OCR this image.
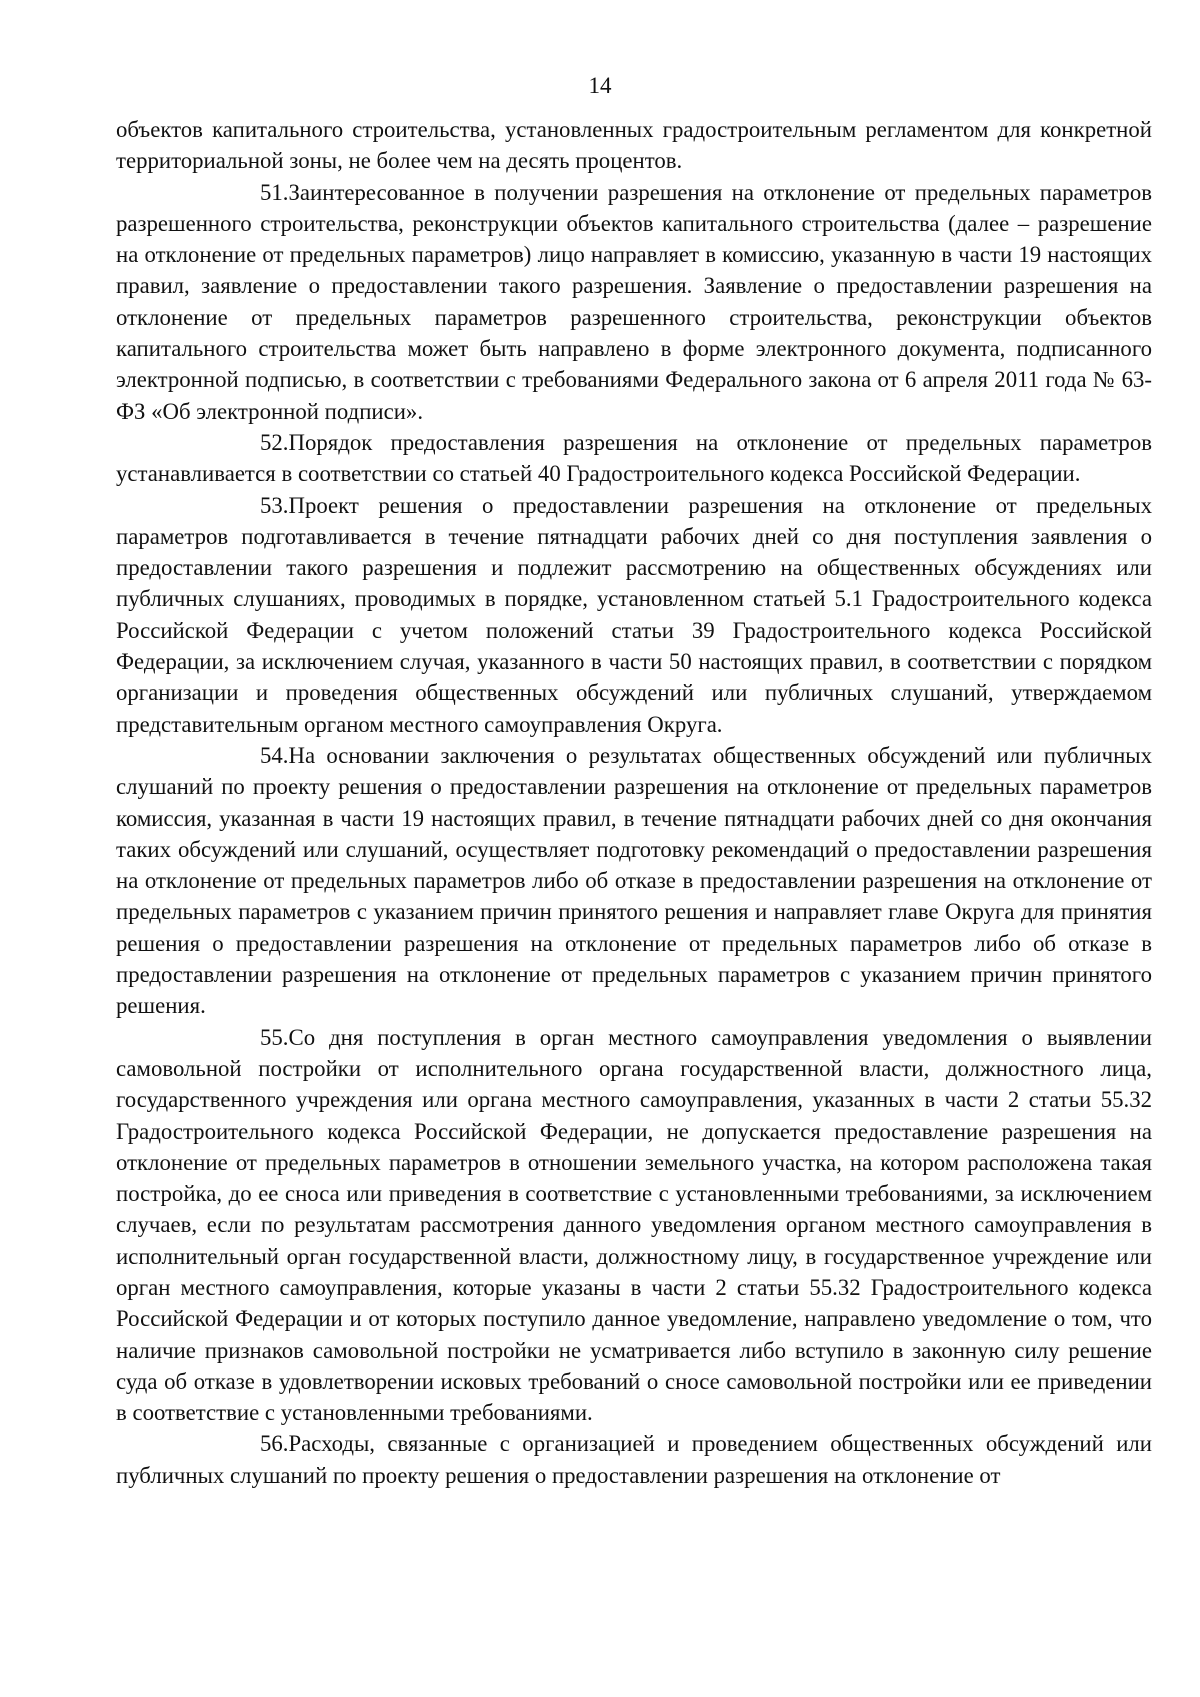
14

объектов капитального строительства, установленных градостроительным регламентом для конкретной территориальной зоны, не более чем на десять процентов.

51.Заинтересованное в получении разрешения на отклонение от предельных параметров разрешенного строительства, реконструкции объектов капитального строительства (далее – разрешение на отклонение от предельных параметров) лицо направляет в комиссию, указанную в части 19 настоящих правил, заявление о предоставлении такого разрешения. Заявление о предоставлении разрешения на отклонение от предельных параметров разрешенного строительства, реконструкции объектов капитального строительства может быть направлено в форме электронного документа, подписанного электронной подписью, в соответствии с требованиями Федерального закона от 6 апреля 2011 года № 63-ФЗ «Об электронной подписи».

52.Порядок предоставления разрешения на отклонение от предельных параметров устанавливается в соответствии со статьей 40 Градостроительного кодекса Российской Федерации.

53.Проект решения о предоставлении разрешения на отклонение от предельных параметров подготавливается в течение пятнадцати рабочих дней со дня поступления заявления о предоставлении такого разрешения и подлежит рассмотрению на общественных обсуждениях или публичных слушаниях, проводимых в порядке, установленном статьей 5.1 Градостроительного кодекса Российской Федерации с учетом положений статьи 39 Градостроительного кодекса Российской Федерации, за исключением случая, указанного в части 50 настоящих правил, в соответствии с порядком организации и проведения общественных обсуждений или публичных слушаний, утверждаемом представительным органом местного самоуправления Округа.

54.На основании заключения о результатах общественных обсуждений или публичных слушаний по проекту решения о предоставлении разрешения на отклонение от предельных параметров комиссия, указанная в части 19 настоящих правил, в течение пятнадцати рабочих дней со дня окончания таких обсуждений или слушаний, осуществляет подготовку рекомендаций о предоставлении разрешения на отклонение от предельных параметров либо об отказе в предоставлении разрешения на отклонение от предельных параметров с указанием причин принятого решения и направляет главе Округа для принятия решения о предоставлении разрешения на отклонение от предельных параметров либо об отказе в предоставлении разрешения на отклонение от предельных параметров с указанием причин принятого решения.

55.Со дня поступления в орган местного самоуправления уведомления о выявлении самовольной постройки от исполнительного органа государственной власти, должностного лица, государственного учреждения или органа местного самоуправления, указанных в части 2 статьи 55.32 Градостроительного кодекса Российской Федерации, не допускается предоставление разрешения на отклонение от предельных параметров в отношении земельного участка, на котором расположена такая постройка, до ее сноса или приведения в соответствие с установленными требованиями, за исключением случаев, если по результатам рассмотрения данного уведомления органом местного самоуправления в исполнительный орган государственной власти, должностному лицу, в государственное учреждение или орган местного самоуправления, которые указаны в части 2 статьи 55.32 Градостроительного кодекса Российской Федерации и от которых поступило данное уведомление, направлено уведомление о том, что наличие признаков самовольной постройки не усматривается либо вступило в законную силу решение суда об отказе в удовлетворении исковых требований о сносе самовольной постройки или ее приведении в соответствие с установленными требованиями.

56.Расходы, связанные с организацией и проведением общественных обсуждений или публичных слушаний по проекту решения о предоставлении разрешения на отклонение от
